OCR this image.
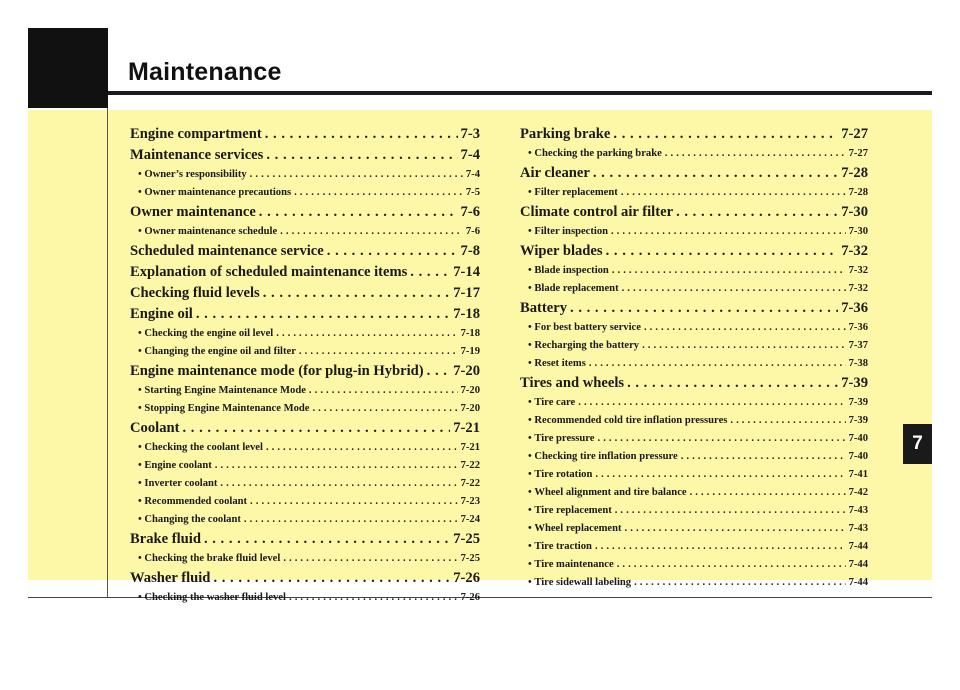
Maintenance
7
Engine compartment . . .	7-3
Maintenance services . . .	7-4
• Owner’s responsibility . . .	7-4
• Owner maintenance precautions . . .	7-5
Owner maintenance . . .	7-6
• Owner maintenance schedule . . .	7-6
Scheduled maintenance service . . .	7-8
Explanation of scheduled maintenance items . . .	7-14
Checking fluid levels . . .	7-17
Engine oil . . .	7-18
• Checking the engine oil level . . .	7-18
• Changing the engine oil and filter . . .	7-19
Engine maintenance mode (for plug-in Hybrid) . . . 7-20
• Starting Engine Maintenance Mode . . .	7-20
• Stopping Engine Maintenance Mode . . .	7-20
Coolant . . .	7-21
• Checking the coolant level . . .	7-21
• Engine coolant . . .	7-22
• Inverter coolant . . .	7-22
• Recommended coolant . . .	7-23
• Changing the coolant . . .	7-24
Brake fluid . . .	7-25
• Checking the brake fluid level . . .	7-25
Washer fluid . . .	7-26
• Checking the washer fluid level . . .	7-26
Parking brake . . .	7-27
• Checking the parking brake . . .	7-27
Air cleaner . . .	7-28
• Filter replacement . . .	7-28
Climate control air filter . . .	7-30
• Filter inspection . . .	7-30
Wiper blades . . .	7-32
• Blade inspection . . .	7-32
• Blade replacement . . .	7-32
Battery . . .	7-36
• For best battery service . . .	7-36
• Recharging the battery . . .	7-37
• Reset items . . .	7-38
Tires and wheels . . .	7-39
• Tire care . . .	7-39
• Recommended cold tire inflation pressures . . .	7-39
• Tire pressure . . .	7-40
• Checking tire inflation pressure . . .	7-40
• Tire rotation . . .	7-41
• Wheel alignment and tire balance . . .	7-42
• Tire replacement . . .	7-43
• Wheel replacement . . .	7-43
• Tire traction . . .	7-44
• Tire maintenance . . .	7-44
• Tire sidewall labeling . . .	7-44
